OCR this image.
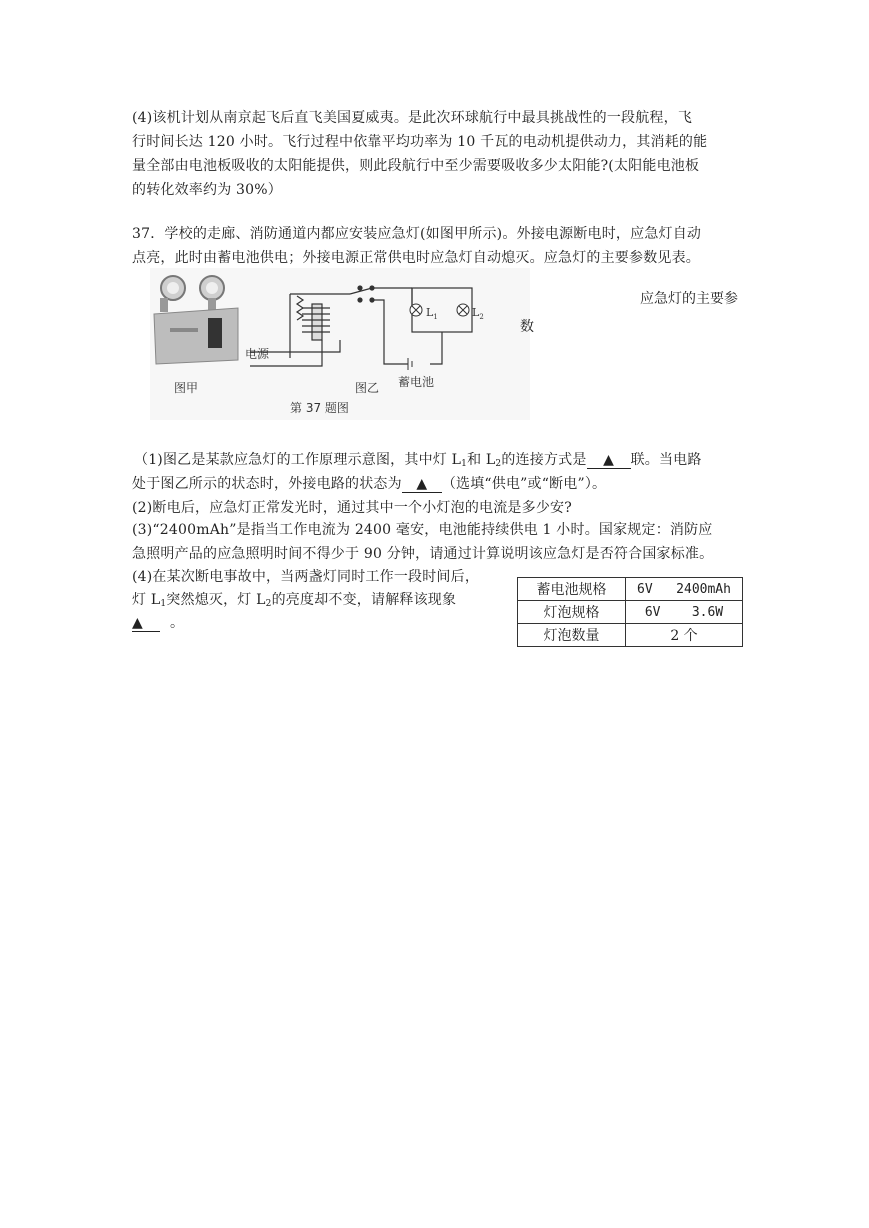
(4)该机计划从南京起飞后直飞美国夏威夷。是此次环球航行中最具挑战性的一段航程，飞
行时间长达 120 小时。飞行过程中依靠平均功率为 10 千瓦的电动机提供动力，其消耗的能
量全部由电池板吸收的太阳能提供，则此段航行中至少需要吸收多少太阳能?(太阳能电池板
的转化效率约为 30%）
37．学校的走廊、消防通道内都应安装应急灯(如图甲所示)。外接电源断电时，应急灯自动
点亮，此时由蓄电池供电；外接电源正常供电时应急灯自动熄灭。应急灯的主要参数见表。
图甲
$L_1$	$L_2$
电源
图乙 蓄电池
第 37 题图
应急灯的主要参
数
（1)图乙是某款应急灯的工作原理示意图，其中灯 $L_1$和 $L_2$的连接方式是 ▲ 联。当电路
处于图乙所示的状态时，外接电路的状态为 ▲ （选填“供电”或“断电”）。
(2)断电后，应急灯正常发光时，通过其中一个小灯泡的电流是多少安?
(3)“2400mAh”是指当工作电流为 2400 毫安，电池能持续供电 1 小时。国家规定：消防应
急照明产品的应急照明时间不得少于 90 分钟，请通过计算说明该应急灯是否符合国家标准。
(4)在某次断电事故中，当两盏灯同时工作一段时间后，
灯 $L_1$突然熄灭，灯 $L_2$的亮度却不变，请解释该现象
▲ 。
蓄电池规格	6V   2400mAh
灯泡规格	6V    3.6W
灯泡数量	2 个
